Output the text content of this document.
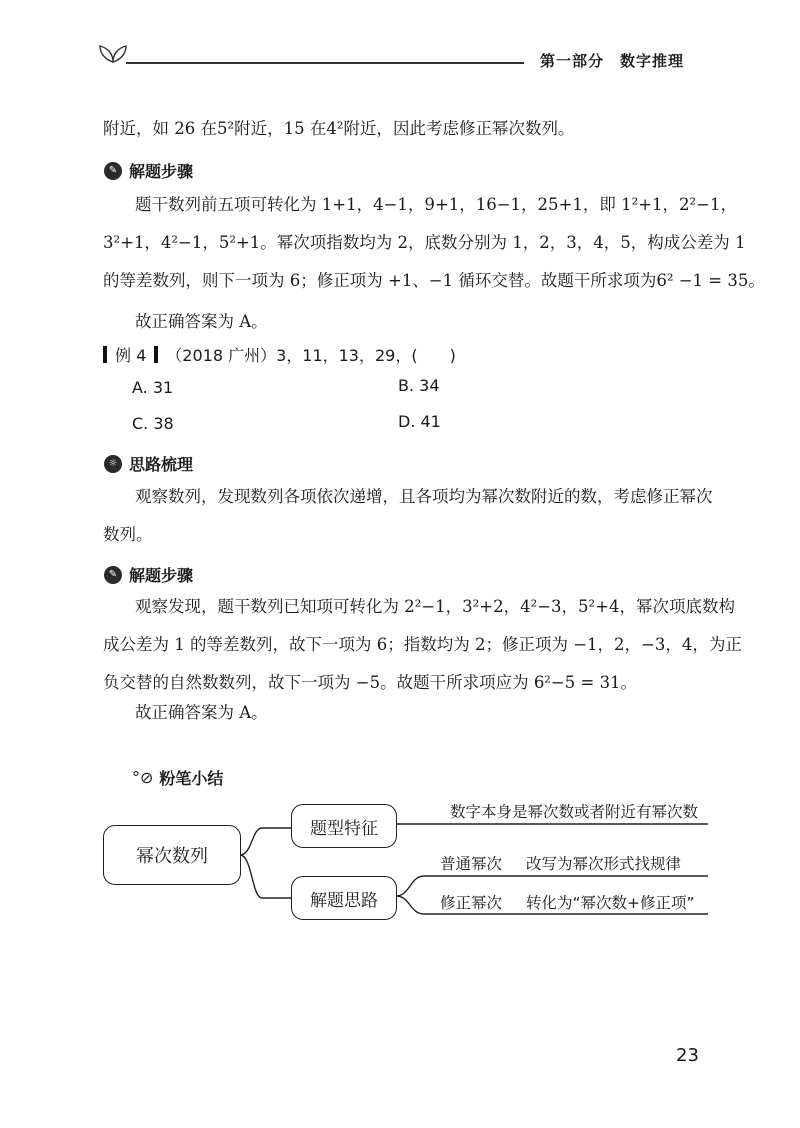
第一部分　数字推理
附近，如 26 在5²附近，15 在4²附近，因此考虑修正幂次数列。
✎ 解题步骤
题干数列前五项可转化为 1+1，4−1，9+1，16−1，25+1，即 1²+1，2²−1，
3²+1，4²−1，5²+1。幂次项指数均为 2，底数分别为 1，2，3，4，5，构成公差为 1
的等差数列，则下一项为 6；修正项为 +1、−1 循环交替。故题干所求项为6² −1 = 35。
故正确答案为 A。
例 4 （2018 广州）3，11，13，29，(　　)
A. 31	B. 34
C. 38	D. 41
☼ 思路梳理
观察数列，发现数列各项依次递增，且各项均为幂次数附近的数，考虑修正幂次
数列。
✎ 解题步骤
观察发现，题干数列已知项可转化为 2²−1，3²+2，4²−3，5²+4，幂次项底数构
成公差为 1 的等差数列，故下一项为 6；指数均为 2；修正项为 −1，2，−3，4，为正
负交替的自然数数列，故下一项为 −5。故题干所求项应为 6²−5 = 31。
故正确答案为 A。
°⊘ 粉笔小结
幂次数列
题型特征
解题思路
数字本身是幂次数或者附近有幂次数
普通幂次 改写为幂次形式找规律
修正幂次 转化为“幂次数+修正项”
23
